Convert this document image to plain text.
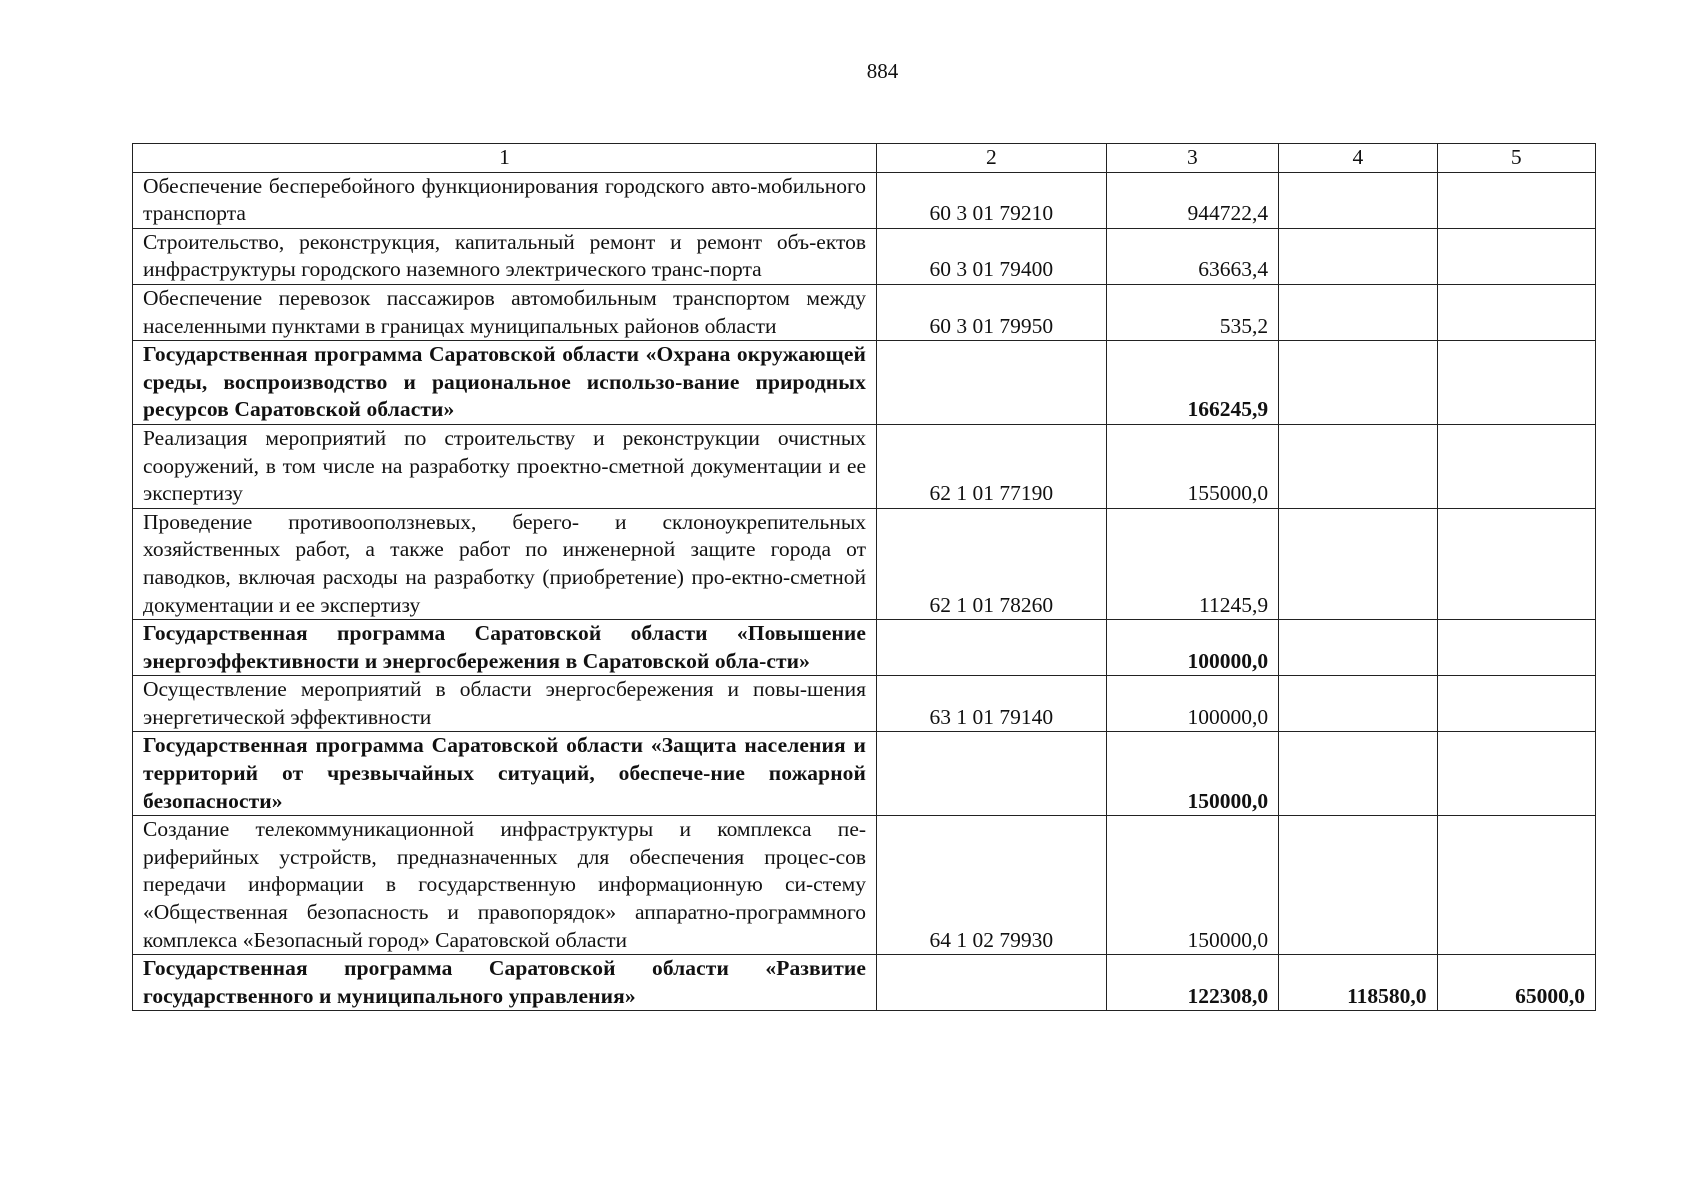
884
1	2	3	4	5
Обеспечение бесперебойного функционирования городского авто-мобильного транспорта	60 3 01 79210	944722,4		
Строительство, реконструкция, капитальный ремонт и ремонт объ-ектов инфраструктуры городского наземного электрического транс-порта	60 3 01 79400	63663,4		
Обеспечение перевозок пассажиров автомобильным транспортом между населенными пунктами в границах муниципальных районов области	60 3 01 79950	535,2		
Государственная программа Саратовской области «Охрана окружающей среды, воспроизводство и рациональное использо-вание природных ресурсов Саратовской области»		166245,9		
Реализация мероприятий по строительству и реконструкции очистных сооружений, в том числе на разработку проектно-сметной документации и ее экспертизу	62 1 01 77190	155000,0		
Проведение противооползневых, берего- и склоноукрепительных хозяйственных работ, а также работ по инженерной защите города от паводков, включая расходы на разработку (приобретение) про-ектно-сметной документации и ее экспертизу	62 1 01 78260	11245,9		
Государственная программа Саратовской области «Повышение энергоэффективности и энергосбережения в Саратовской обла-сти»		100000,0		
Осуществление мероприятий в области энергосбережения и повы-шения энергетической эффективности	63 1 01 79140	100000,0		
Государственная программа Саратовской области «Защита населения и территорий от чрезвычайных ситуаций, обеспече-ние пожарной безопасности»		150000,0		
Создание телекоммуникационной инфраструктуры и комплекса пе-риферийных устройств, предназначенных для обеспечения процес-сов передачи информации в государственную информационную си-стему «Общественная безопасность и правопорядок» аппаратно-программного комплекса «Безопасный город» Саратовской области	64 1 02 79930	150000,0		
Государственная программа Саратовской области «Развитие государственного и муниципального управления»		122308,0	118580,0	65000,0
